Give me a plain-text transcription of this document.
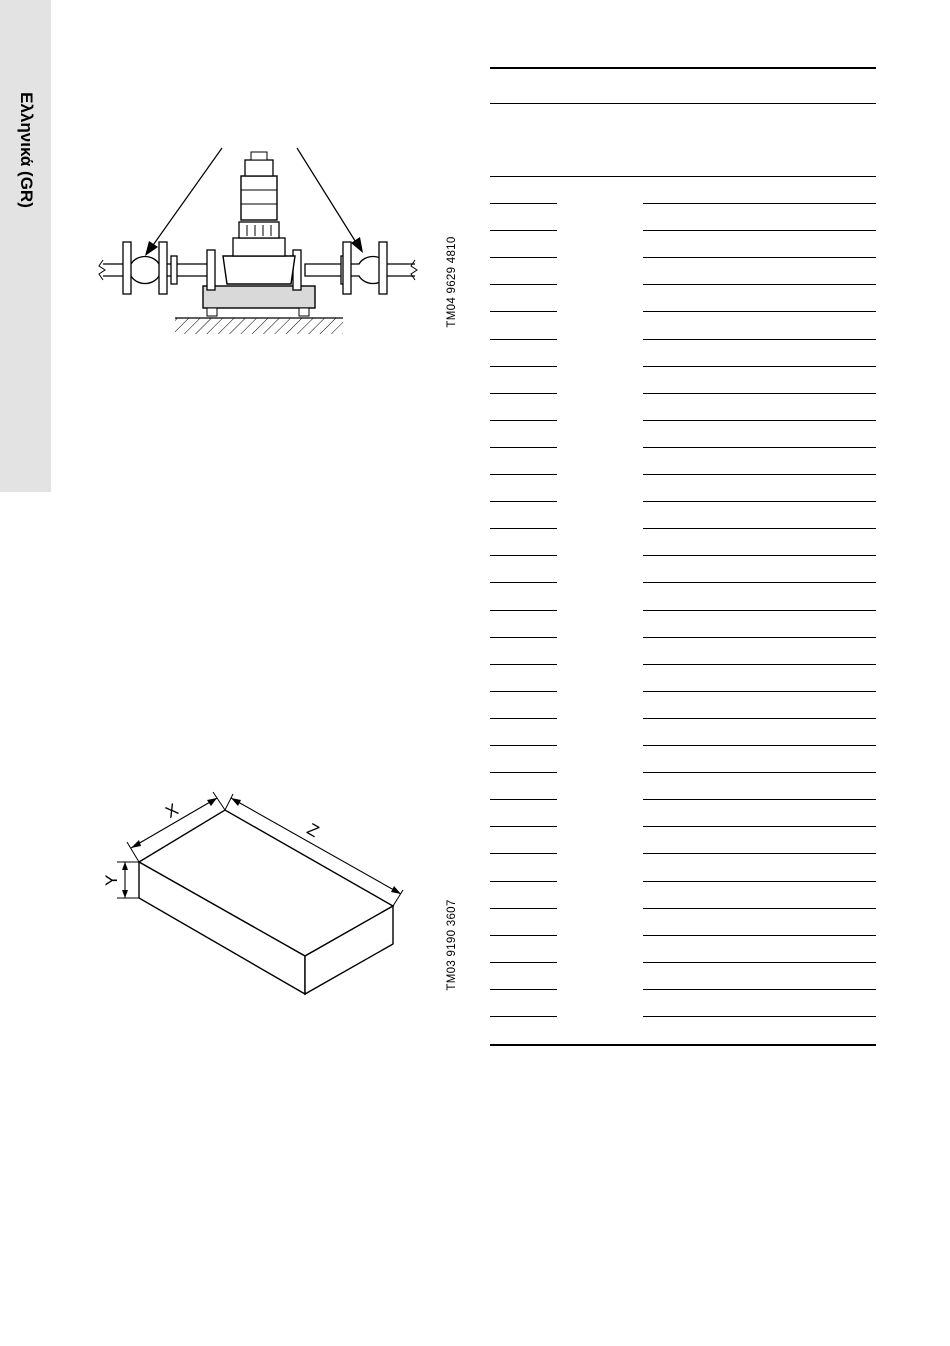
Ελληνικά (GR)
TM04 9629 4810
X
Z
Y
TM03 9190 3607
